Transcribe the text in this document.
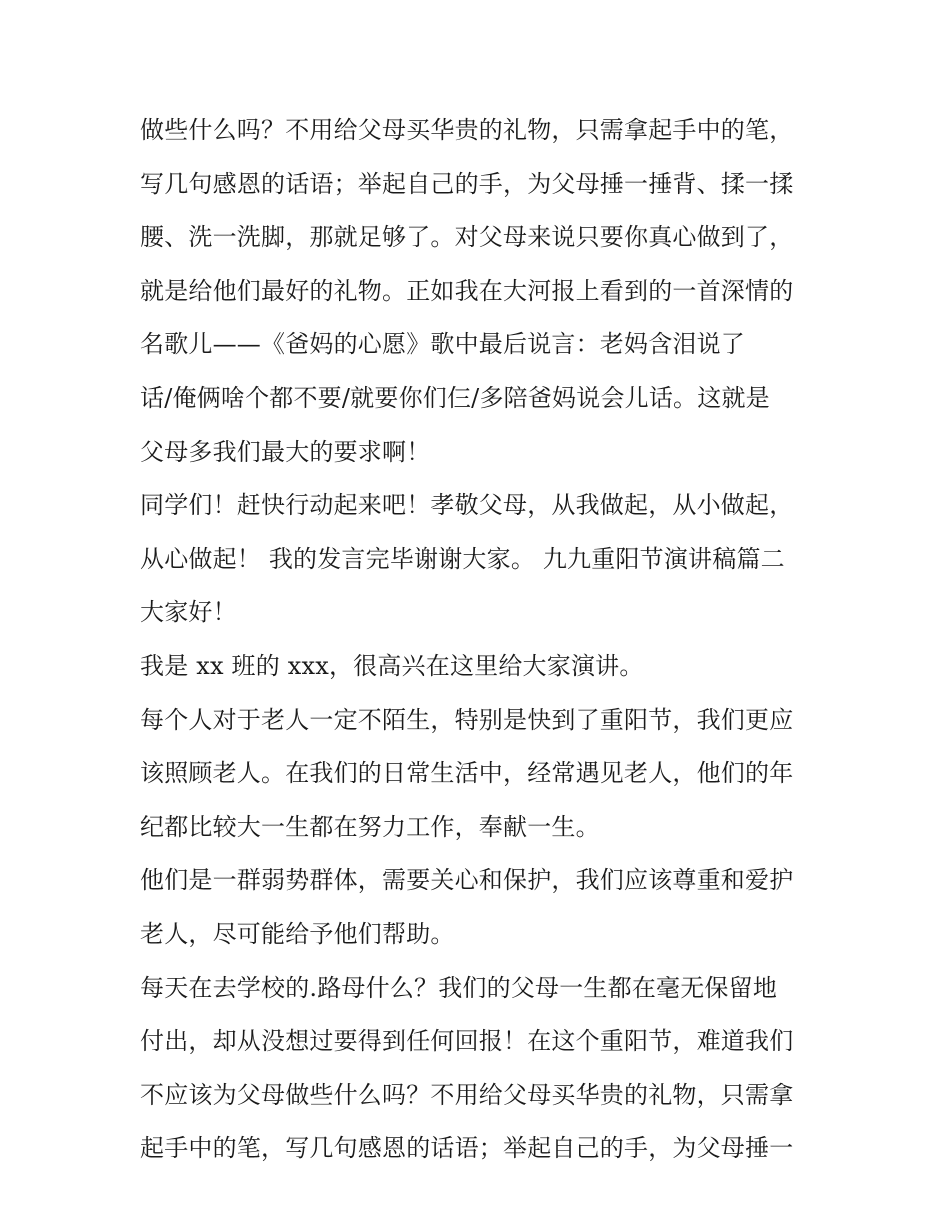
做些什么吗？不用给父母买华贵的礼物，只需拿起手中的笔，
写几句感恩的话语；举起自己的手，为父母捶一捶背、揉一揉
腰、洗一洗脚，那就足够了。对父母来说只要你真心做到了，
就是给他们最好的礼物。正如我在大河报上看到的一首深情的
名歌儿——《爸妈的心愿》歌中最后说言：老妈含泪说了
话/俺俩啥个都不要/就要你们仨/多陪爸妈说会儿话。这就是
父母多我们最大的要求啊！
同学们！赶快行动起来吧！孝敬父母，从我做起，从小做起，
从心做起！ 我的发言完毕谢谢大家。 九九重阳节演讲稿篇二
大家好！
我是 xx 班的 xxx，很高兴在这里给大家演讲。
每个人对于老人一定不陌生，特别是快到了重阳节，我们更应
该照顾老人。在我们的日常生活中，经常遇见老人，他们的年
纪都比较大一生都在努力工作，奉献一生。
他们是一群弱势群体，需要关心和保护，我们应该尊重和爱护
老人，尽可能给予他们帮助。
每天在去学校的.路母什么？我们的父母一生都在毫无保留地
付出，却从没想过要得到任何回报！在这个重阳节，难道我们
不应该为父母做些什么吗？不用给父母买华贵的礼物，只需拿
起手中的笔，写几句感恩的话语；举起自己的手，为父母捶一
